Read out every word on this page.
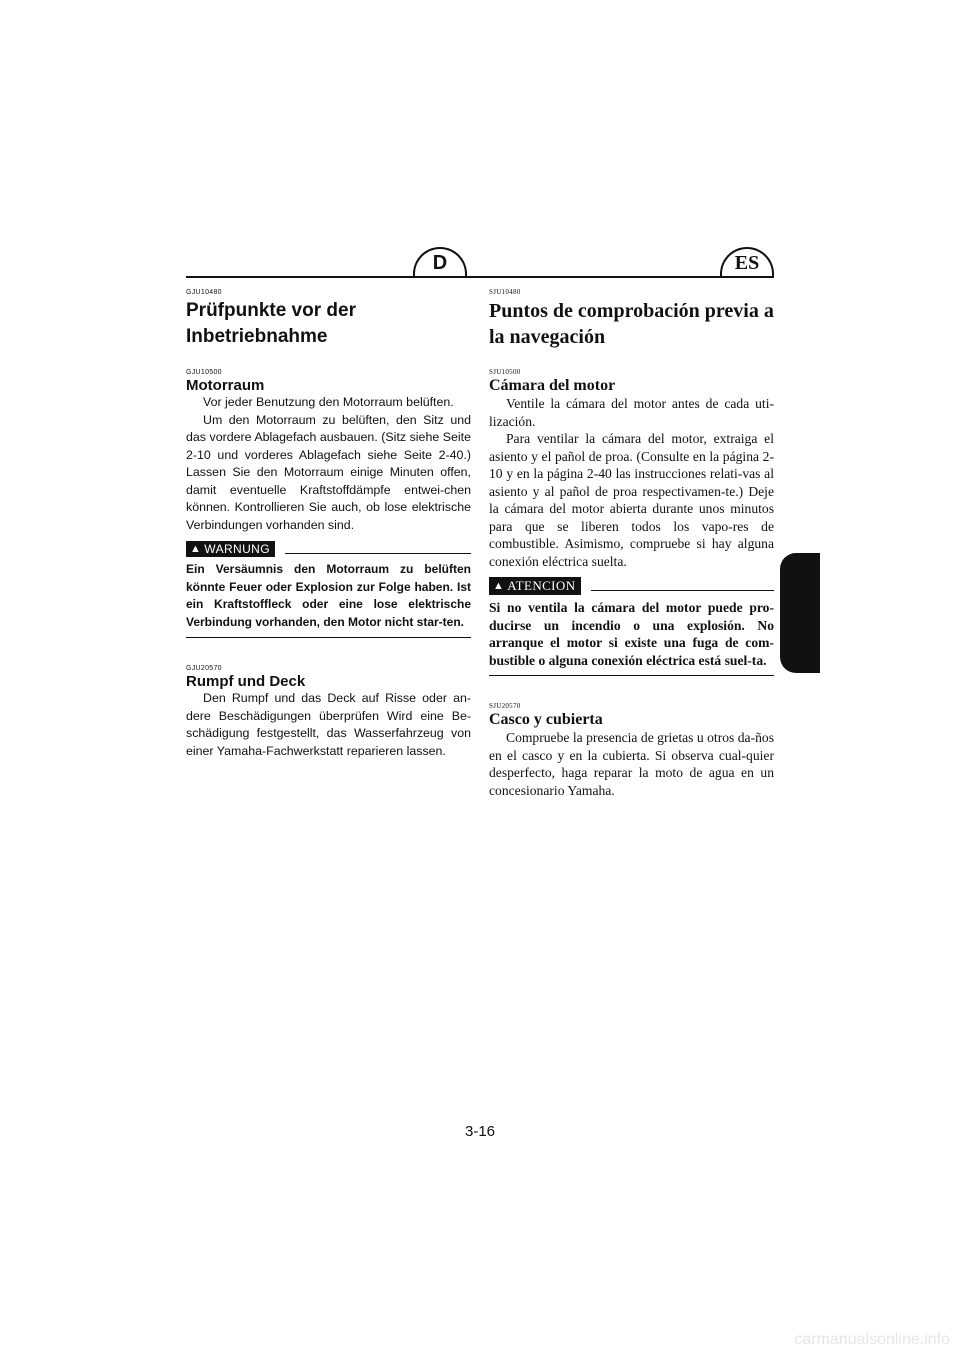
D	ES

GJU10480

Prüfpunkte vor der Inbetriebnahme

GJU10500

Motorraum

Vor jeder Benutzung den Motorraum belüften.

Um den Motorraum zu belüften, den Sitz und das vordere Ablagefach ausbauen. (Sitz siehe Seite 2-10 und vorderes Ablagefach siehe Seite 2-40.) Lassen Sie den Motorraum einige Minuten offen, damit eventuelle Kraftstoffdämpfe entwei-chen können. Kontrollieren Sie auch, ob lose elektrische Verbindungen vorhanden sind.

▲ WARNUNG

Ein Versäumnis den Motorraum zu belüften könnte Feuer oder Explosion zur Folge haben. Ist ein Kraftstoffleck oder eine lose elektrische Verbindung vorhanden, den Motor nicht star-ten.

GJU20570

Rumpf und Deck

Den Rumpf und das Deck auf Risse oder an-dere Beschädigungen überprüfen Wird eine Be-schädigung festgestellt, das Wasserfahrzeug von einer Yamaha-Fachwerkstatt reparieren lassen.

SJU10480

Puntos de comprobación previa a la navegación

SJU10500

Cámara del motor

Ventile la cámara del motor antes de cada uti-lización.

Para ventilar la cámara del motor, extraiga el asiento y el pañol de proa. (Consulte en la página 2-10 y en la página 2-40 las instrucciones relati-vas al asiento y al pañol de proa respectivamen-te.) Deje la cámara del motor abierta durante unos minutos para que se liberen todos los vapo-res de combustible. Asimismo, compruebe si hay alguna conexión eléctrica suelta.

▲ ATENCION

Si no ventila la cámara del motor puede pro-ducirse un incendio o una explosión. No arranque el motor si existe una fuga de com-bustible o alguna conexión eléctrica está suel-ta.

SJU20570

Casco y cubierta

Compruebe la presencia de grietas u otros da-ños en el casco y en la cubierta. Si observa cual-quier desperfecto, haga reparar la moto de agua en un concesionario Yamaha.

3-16
carmanualsonline.info
